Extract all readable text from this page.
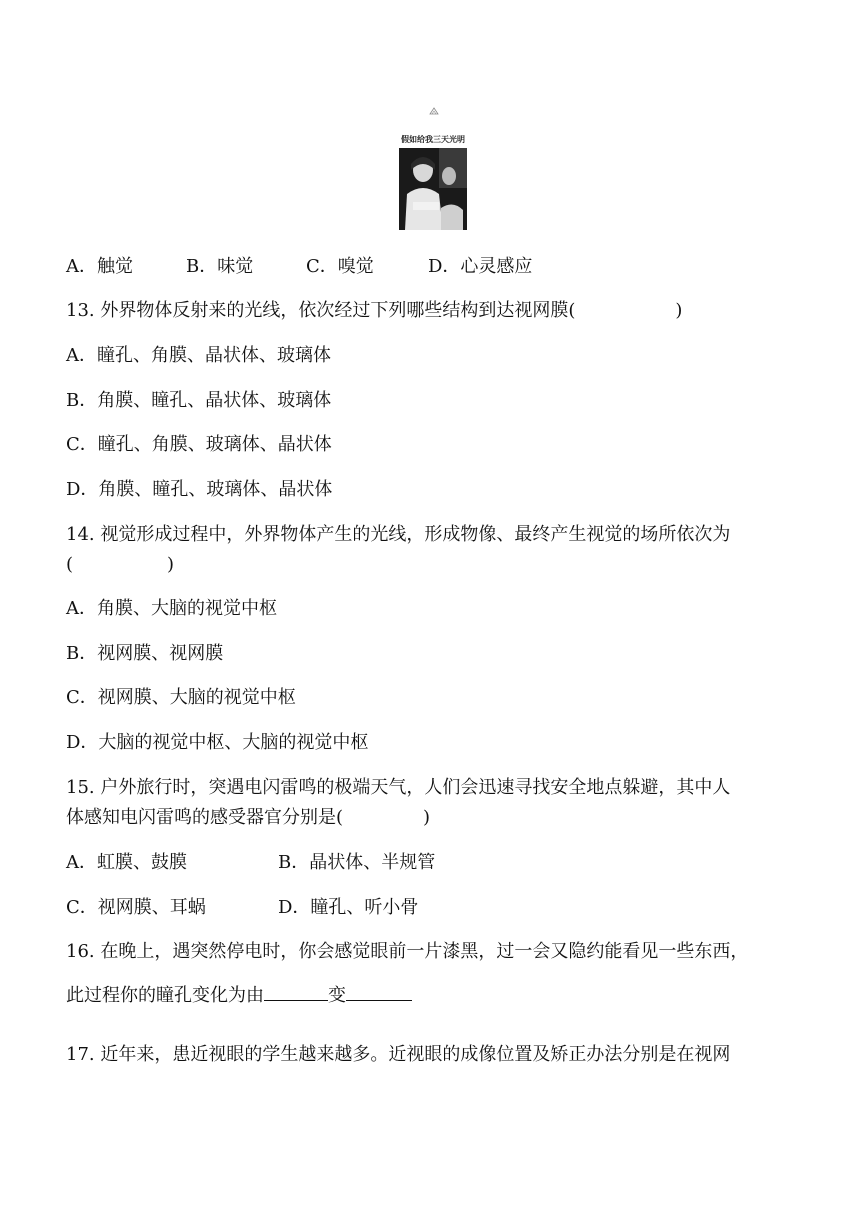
假如给我三天光明
A．触觉	B．味觉	C．嗅觉	D．心灵感应
13. 外界物体反射来的光线，依次经过下列哪些结构到达视网膜(	)
A．瞳孔、角膜、晶状体、玻璃体
B．角膜、瞳孔、晶状体、玻璃体
C．瞳孔、角膜、玻璃体、晶状体
D．角膜、瞳孔、玻璃体、晶状体
14. 视觉形成过程中，外界物体产生的光线，形成物像、最终产生视觉的场所依次为
(	)
A．角膜、大脑的视觉中枢
B．视网膜、视网膜
C．视网膜、大脑的视觉中枢
D．大脑的视觉中枢、大脑的视觉中枢
15. 户外旅行时，突遇电闪雷鸣的极端天气，人们会迅速寻找安全地点躲避，其中人
体感知电闪雷鸣的感受器官分别是(	)
A．虹膜、鼓膜	B．晶状体、半规管
C．视网膜、耳蜗	D．瞳孔、听小骨
16. 在晚上，遇突然停电时，你会感觉眼前一片漆黑，过一会又隐约能看见一些东西，
此过程你的瞳孔变化为由	变
17. 近年来，患近视眼的学生越来越多。近视眼的成像位置及矫正办法分别是在视网
